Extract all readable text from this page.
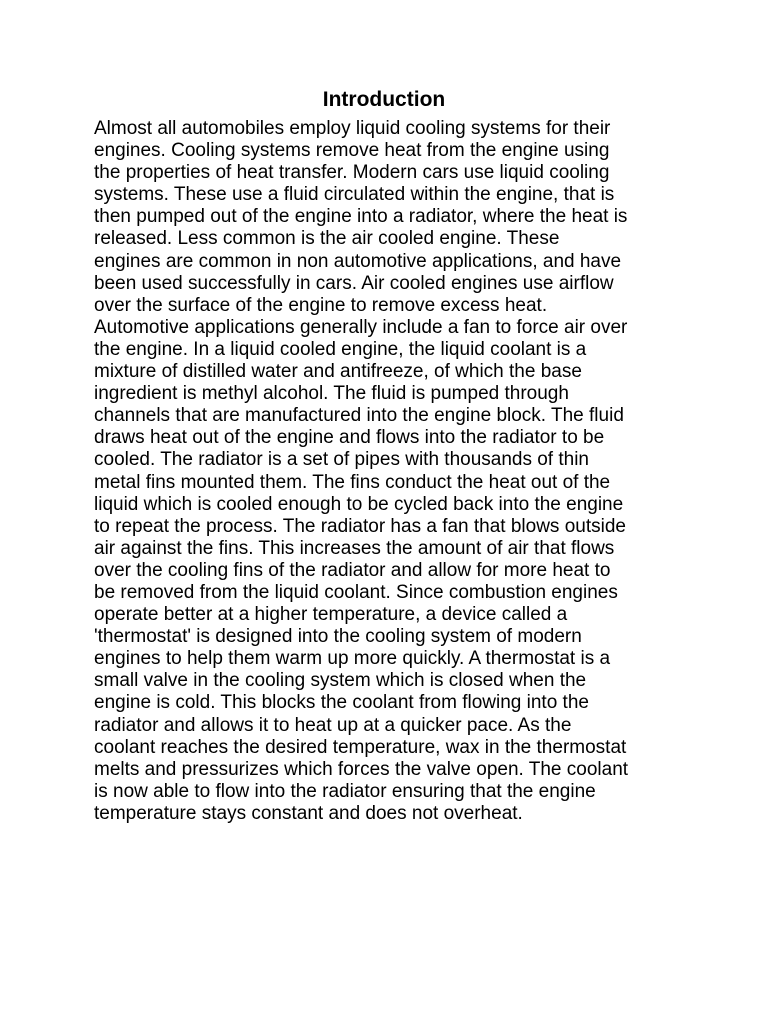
Introduction
Almost all automobiles employ liquid cooling systems for their
engines. Cooling systems remove heat from the engine using
the properties of heat transfer. Modern cars use liquid cooling
systems. These use a fluid circulated within the engine, that is
then pumped out of the engine into a radiator, where the heat is
released. Less common is the air cooled engine. These
engines are common in non automotive applications, and have
been used successfully in cars. Air cooled engines use airflow
over the surface of the engine to remove excess heat.
Automotive applications generally include a fan to force air over
the engine. In a liquid cooled engine, the liquid coolant is a
mixture of distilled water and antifreeze, of which the base
ingredient is methyl alcohol. The fluid is pumped through
channels that are manufactured into the engine block. The fluid
draws heat out of the engine and flows into the radiator to be
cooled. The radiator is a set of pipes with thousands of thin
metal fins mounted them. The fins conduct the heat out of the
liquid which is cooled enough to be cycled back into the engine
to repeat the process. The radiator has a fan that blows outside
air against the fins. This increases the amount of air that flows
over the cooling fins of the radiator and allow for more heat to
be removed from the liquid coolant. Since combustion engines
operate better at a higher temperature, a device called a
'thermostat' is designed into the cooling system of modern
engines to help them warm up more quickly. A thermostat is a
small valve in the cooling system which is closed when the
engine is cold. This blocks the coolant from flowing into the
radiator and allows it to heat up at a quicker pace. As the
coolant reaches the desired temperature, wax in the thermostat
melts and pressurizes which forces the valve open. The coolant
is now able to flow into the radiator ensuring that the engine
temperature stays constant and does not overheat.
